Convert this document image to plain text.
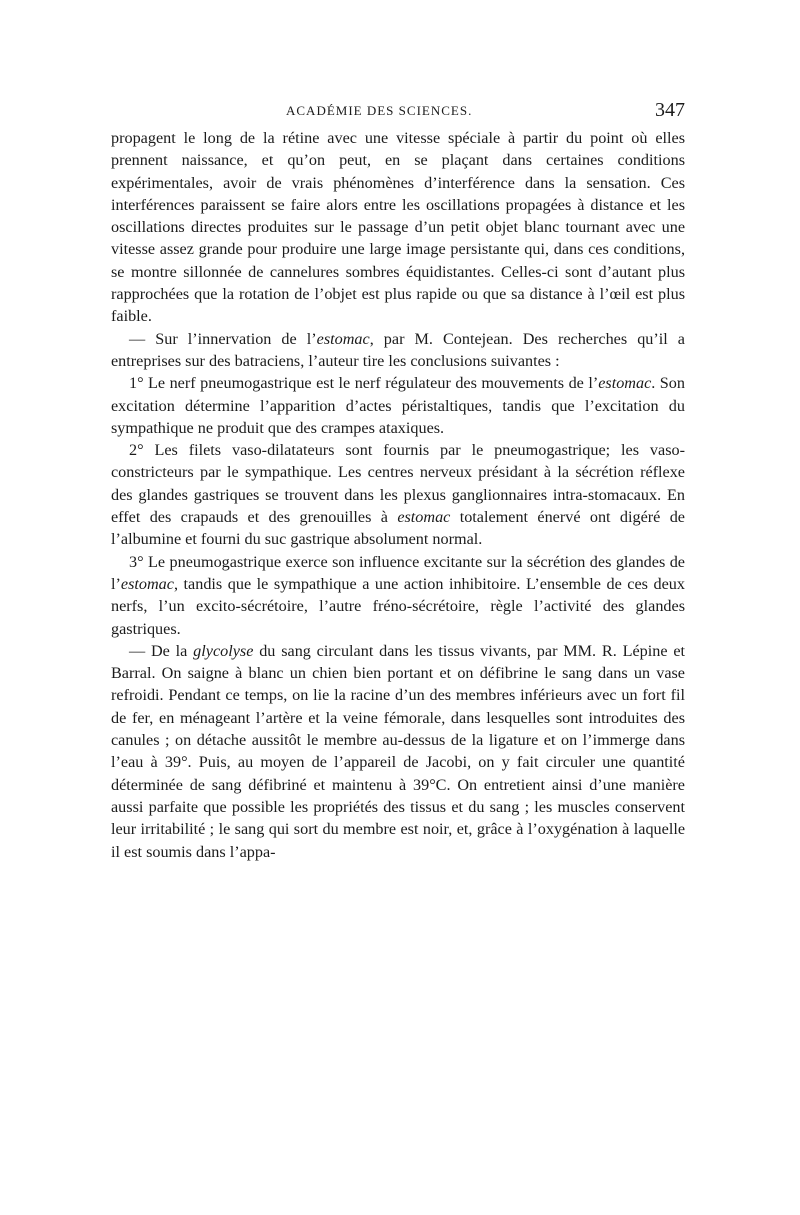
ACADÉMIE DES SCIENCES.	347

propagent le long de la rétine avec une vitesse spéciale à partir du point où elles prennent naissance, et qu’on peut, en se plaçant dans certaines conditions expérimentales, avoir de vrais phénomènes d’interférence dans la sensation. Ces interférences paraissent se faire alors entre les oscillations propagées à distance et les oscillations directes produites sur le passage d’un petit objet blanc tournant avec une vitesse assez grande pour produire une large image persistante qui, dans ces conditions, se montre sillonnée de cannelures sombres équidistantes. Celles-ci sont d’autant plus rapprochées que la rotation de l’objet est plus rapide ou que sa distance à l’œil est plus faible.

— Sur l’innervation de l’estomac, par M. Contejean. Des recherches qu’il a entreprises sur des batraciens, l’auteur tire les conclusions suivantes :

1° Le nerf pneumogastrique est le nerf régulateur des mouvements de l’estomac. Son excitation détermine l’apparition d’actes péristaltiques, tandis que l’excitation du sympathique ne produit que des crampes ataxiques.

2° Les filets vaso-dilatateurs sont fournis par le pneumogastrique; les vaso-constricteurs par le sympathique. Les centres nerveux présidant à la sécrétion réflexe des glandes gastriques se trouvent dans les plexus ganglionnaires intra-stomacaux. En effet des crapauds et des grenouilles à estomac totalement énervé ont digéré de l’albumine et fourni du suc gastrique absolument normal.

3° Le pneumogastrique exerce son influence excitante sur la sécrétion des glandes de l’estomac, tandis que le sympathique a une action inhibitoire. L’ensemble de ces deux nerfs, l’un excito-sécrétoire, l’autre fréno-sécrétoire, règle l’activité des glandes gastriques.

— De la glycolyse du sang circulant dans les tissus vivants, par MM. R. Lépine et Barral. On saigne à blanc un chien bien portant et on défibrine le sang dans un vase refroidi. Pendant ce temps, on lie la racine d’un des membres inférieurs avec un fort fil de fer, en ménageant l’artère et la veine fémorale, dans lesquelles sont introduites des canules ; on détache aussitôt le membre au-dessus de la ligature et on l’immerge dans l’eau à 39°. Puis, au moyen de l’appareil de Jacobi, on y fait circuler une quantité déterminée de sang défibriné et maintenu à 39°C. On entretient ainsi d’une manière aussi parfaite que possible les propriétés des tissus et du sang ; les muscles conservent leur irritabilité ; le sang qui sort du membre est noir, et, grâce à l’oxygénation à laquelle il est soumis dans l’appa-
